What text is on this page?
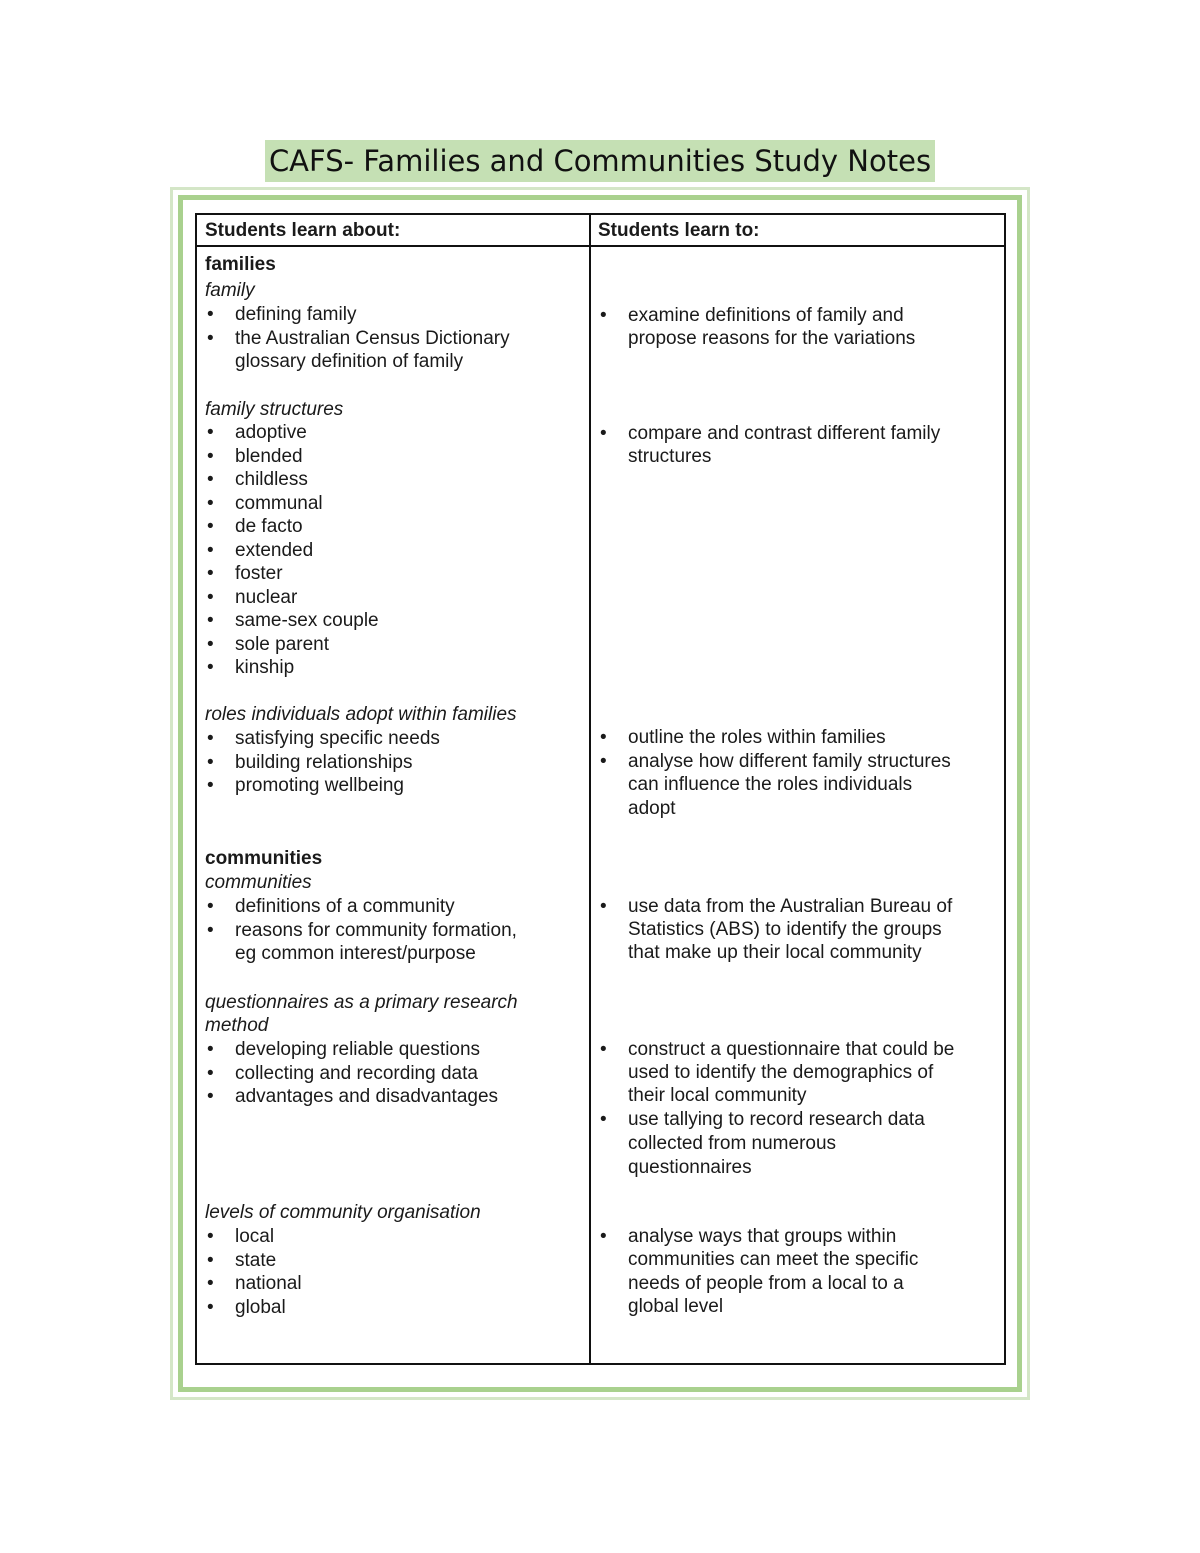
CAFS- Families and Communities Study Notes
Students learn about:	Students learn to:
families
family
• defining family
• the Australian Census Dictionary
glossary definition of family
• examine definitions of family and
propose reasons for the variations
family structures
• adoptive
• blended
• childless
• communal
• de facto
• extended
• foster
• nuclear
• same-sex couple
• sole parent
• kinship
• compare and contrast different family
structures
roles individuals adopt within families
• satisfying specific needs
• building relationships
• promoting wellbeing
• outline the roles within families
• analyse how different family structures
can influence the roles individuals
adopt
communities
communities
• definitions of a community
• reasons for community formation,
eg common interest/purpose
• use data from the Australian Bureau of
Statistics (ABS) to identify the groups
that make up their local community
questionnaires as a primary research
method
• developing reliable questions
• collecting and recording data
• advantages and disadvantages
• construct a questionnaire that could be
used to identify the demographics of
their local community
• use tallying to record research data
collected from numerous
questionnaires
levels of community organisation
• local
• state
• national
• global
• analyse ways that groups within
communities can meet the specific
needs of people from a local to a
global level
